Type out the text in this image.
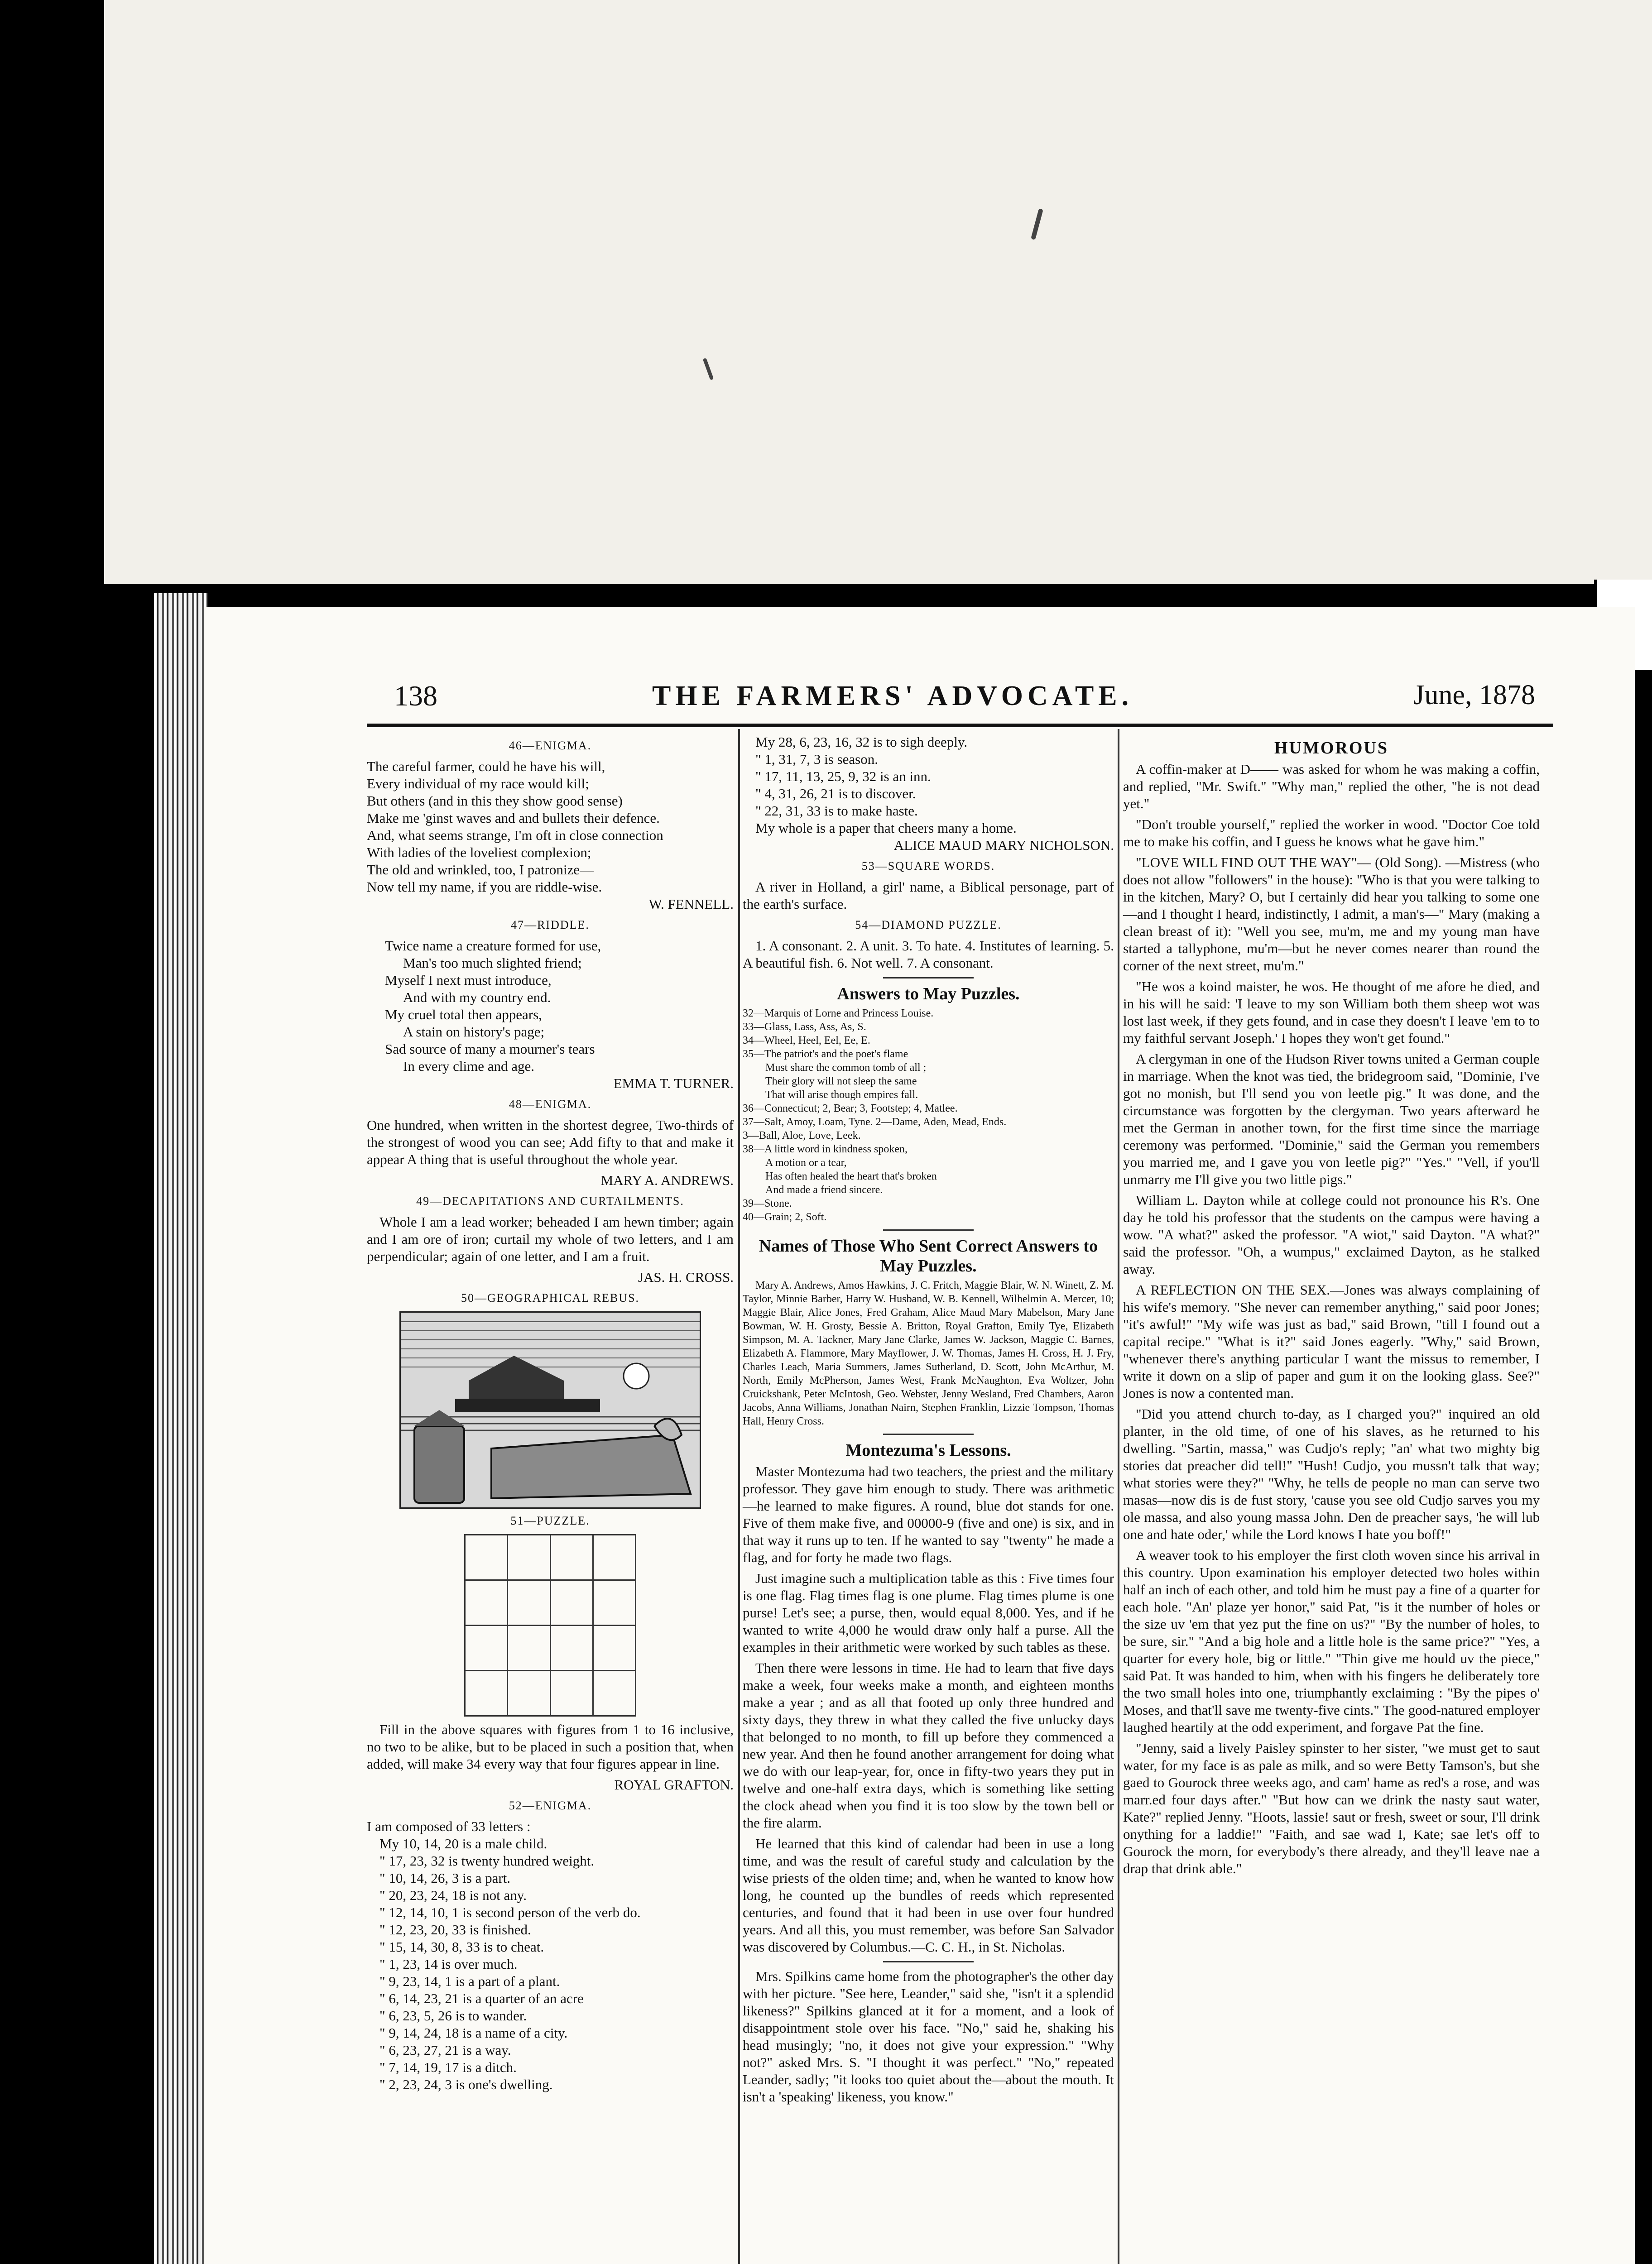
138	THE FARMERS' ADVOCATE.	June, 1878
46—ENIGMA.
The careful farmer, could he have his will,
Every individual of my race would kill;
But others (and in this they show good sense)
Make me 'ginst waves and and bullets their defence.
And, what seems strange, I'm oft in close connection
With ladies of the loveliest complexion;
The old and wrinkled, too, I patronize—
Now tell my name, if you are riddle-wise.
W. FENNELL.
47—RIDDLE.
Twice name a creature formed for use,
Man's too much slighted friend;
Myself I next must introduce,
And with my country end.
My cruel total then appears,
A stain on history's page;
Sad source of many a mourner's tears
In every clime and age.
EMMA T. TURNER.
48—ENIGMA.

One hundred, when written in the shortest degree, Two-thirds of the strongest of wood you can see; Add fifty to that and make it appear A thing that is useful throughout the whole year.

MARY A. ANDREWS.
49—DECAPITATIONS AND CURTAILMENTS.

Whole I am a lead worker; beheaded I am hewn timber; again and I am ore of iron; curtail my whole of two letters, and I am perpendicular; again of one letter, and I am a fruit.

JAS. H. CROSS.
50—GEOGRAPHICAL REBUS.
51—PUZZLE.

Fill in the above squares with figures from 1 to 16 inclusive, no two to be alike, but to be placed in such a position that, when added, will make 34 every way that four figures appear in line.

ROYAL GRAFTON.
52—ENIGMA.
I am composed of 33 letters :
My 10, 14, 20 is a male child.
" 17, 23, 32 is twenty hundred weight.
" 10, 14, 26, 3 is a part.
" 20, 23, 24, 18 is not any.
" 12, 14, 10, 1 is second person of the verb do.
" 12, 23, 20, 33 is finished.
" 15, 14, 30, 8, 33 is to cheat.
" 1, 23, 14 is over much.
" 9, 23, 14, 1 is a part of a plant.
" 6, 14, 23, 21 is a quarter of an acre
" 6, 23, 5, 26 is to wander.
" 9, 14, 24, 18 is a name of a city.
" 6, 23, 27, 21 is a way.
" 7, 14, 19, 17 is a ditch.
" 2, 23, 24, 3 is one's dwelling.
My 28, 6, 23, 16, 32 is to sigh deeply.
" 1, 31, 7, 3 is season.
" 17, 11, 13, 25, 9, 32 is an inn.
" 4, 31, 26, 21 is to discover.
" 22, 31, 33 is to make haste.
My whole is a paper that cheers many a home.
ALICE MAUD MARY NICHOLSON.
53—SQUARE WORDS.

A river in Holland, a girl' name, a Biblical personage, part of the earth's surface.

54—DIAMOND PUZZLE.

1. A consonant. 2. A unit. 3. To hate. 4. Institutes of learning. 5. A beautiful fish. 6. Not well. 7. A consonant.

Answers to May Puzzles.
32—Marquis of Lorne and Princess Louise.
33—Glass, Lass, Ass, As, S.
34—Wheel, Heel, Eel, Ee, E.
35—The patriot's and the poet's flame
Must share the common tomb of all ;
Their glory will not sleep the same
That will arise though empires fall.
36—Connecticut; 2, Bear; 3, Footstep; 4, Matlee.
37—Salt, Amoy, Loam, Tyne. 2—Dame, Aden, Mead, Ends.
3—Ball, Aloe, Love, Leek.
38—A little word in kindness spoken,
A motion or a tear,
Has often healed the heart that's broken
And made a friend sincere.
39—Stone.
40—Grain; 2, Soft.
Names of Those Who Sent Correct Answers to May Puzzles.

Mary A. Andrews, Amos Hawkins, J. C. Fritch, Maggie Blair, W. N. Winett, Z. M. Taylor, Minnie Barber, Harry W. Husband, W. B. Kennell, Wilhelmin A. Mercer, 10; Maggie Blair, Alice Jones, Fred Graham, Alice Maud Mary Mabelson, Mary Jane Bowman, W. H. Grosty, Bessie A. Britton, Royal Grafton, Emily Tye, Elizabeth Simpson, M. A. Tackner, Mary Jane Clarke, James W. Jackson, Maggie C. Barnes, Elizabeth A. Flammore, Mary Mayflower, J. W. Thomas, James H. Cross, H. J. Fry, Charles Leach, Maria Summers, James Sutherland, D. Scott, John McArthur, M. North, Emily McPherson, James West, Frank McNaughton, Eva Woltzer, John Cruickshank, Peter McIntosh, Geo. Webster, Jenny Wesland, Fred Chambers, Aaron Jacobs, Anna Williams, Jonathan Nairn, Stephen Franklin, Lizzie Tompson, Thomas Hall, Henry Cross.

Montezuma's Lessons.

Master Montezuma had two teachers, the priest and the military professor. They gave him enough to study. There was arithmetic—he learned to make figures. A round, blue dot stands for one. Five of them make five, and 00000-9 (five and one) is six, and in that way it runs up to ten. If he wanted to say "twenty" he made a flag, and for forty he made two flags.

Just imagine such a multiplication table as this : Five times four is one flag. Flag times flag is one plume. Flag times plume is one purse! Let's see; a purse, then, would equal 8,000. Yes, and if he wanted to write 4,000 he would draw only half a purse. All the examples in their arithmetic were worked by such tables as these.

Then there were lessons in time. He had to learn that five days make a week, four weeks make a month, and eighteen months make a year ; and as all that footed up only three hundred and sixty days, they threw in what they called the five unlucky days that belonged to no month, to fill up before they commenced a new year. And then he found another arrangement for doing what we do with our leap-year, for, once in fifty-two years they put in twelve and one-half extra days, which is something like setting the clock ahead when you find it is too slow by the town bell or the fire alarm.

He learned that this kind of calendar had been in use a long time, and was the result of careful study and calculation by the wise priests of the olden time; and, when he wanted to know how long, he counted up the bundles of reeds which represented centuries, and found that it had been in use over four hundred years. And all this, you must remember, was before San Salvador was discovered by Columbus.—C. C. H., in St. Nicholas.

Mrs. Spilkins came home from the photographer's the other day with her picture. "See here, Leander," said she, "isn't it a splendid likeness?" Spilkins glanced at it for a moment, and a look of disappointment stole over his face. "No," said he, shaking his head musingly; "no, it does not give your expression." "Why not?" asked Mrs. S. "I thought it was perfect." "No," repeated Leander, sadly; "it looks too quiet about the—about the mouth. It isn't a 'speaking' likeness, you know."

HUMOROUS

A coffin-maker at D—— was asked for whom he was making a coffin, and replied, "Mr. Swift." "Why man," replied the other, "he is not dead yet."

"Don't trouble yourself," replied the worker in wood. "Doctor Coe told me to make his coffin, and I guess he knows what he gave him."

"LOVE WILL FIND OUT THE WAY"— (Old Song). —Mistress (who does not allow "followers" in the house): "Who is that you were talking to in the kitchen, Mary? O, but I certainly did hear you talking to some one—and I thought I heard, indistinctly, I admit, a man's—" Mary (making a clean breast of it): "Well you see, mu'm, me and my young man have started a tallyphone, mu'm—but he never comes nearer than round the corner of the next street, mu'm."

"He wos a koind maister, he wos. He thought of me afore he died, and in his will he said: 'I leave to my son William both them sheep wot was lost last week, if they gets found, and in case they doesn't I leave 'em to to my faithful servant Joseph.' I hopes they won't get found."

A clergyman in one of the Hudson River towns united a German couple in marriage. When the knot was tied, the bridegroom said, "Dominie, I've got no monish, but I'll send you von leetle pig." It was done, and the circumstance was forgotten by the clergyman. Two years afterward he met the German in another town, for the first time since the marriage ceremony was performed. "Dominie," said the German you remembers you married me, and I gave you von leetle pig?" "Yes." "Vell, if you'll unmarry me I'll give you two little pigs."

William L. Dayton while at college could not pronounce his R's. One day he told his professor that the students on the campus were having a wow. "A what?" asked the professor. "A wiot," said Dayton. "A what?" said the professor. "Oh, a wumpus," exclaimed Dayton, as he stalked away.

A REFLECTION ON THE SEX.—Jones was always complaining of his wife's memory. "She never can remember anything," said poor Jones; "it's awful!" "My wife was just as bad," said Brown, "till I found out a capital recipe." "What is it?" said Jones eagerly. "Why," said Brown, "whenever there's anything particular I want the missus to remember, I write it down on a slip of paper and gum it on the looking glass. See?" Jones is now a contented man.

"Did you attend church to-day, as I charged you?" inquired an old planter, in the old time, of one of his slaves, as he returned to his dwelling. "Sartin, massa," was Cudjo's reply; "an' what two mighty big stories dat preacher did tell!" "Hush! Cudjo, you mussn't talk that way; what stories were they?" "Why, he tells de people no man can serve two masas—now dis is de fust story, 'cause you see old Cudjo sarves you my ole massa, and also young massa John. Den de preacher says, 'he will lub one and hate oder,' while the Lord knows I hate you boff!"

A weaver took to his employer the first cloth woven since his arrival in this country. Upon examination his employer detected two holes within half an inch of each other, and told him he must pay a fine of a quarter for each hole. "An' plaze yer honor," said Pat, "is it the number of holes or the size uv 'em that yez put the fine on us?" "By the number of holes, to be sure, sir." "And a big hole and a little hole is the same price?" "Yes, a quarter for every hole, big or little." "Thin give me hould uv the piece," said Pat. It was handed to him, when with his fingers he deliberately tore the two small holes into one, triumphantly exclaiming : "By the pipes o' Moses, and that'll save me twenty-five cints." The good-natured employer laughed heartily at the odd experiment, and forgave Pat the fine.

"Jenny, said a lively Paisley spinster to her sister, "we must get to saut water, for my face is as pale as milk, and so were Betty Tamson's, but she gaed to Gourock three weeks ago, and cam' hame as red's a rose, and was marr.ed four days after." "But how can we drink the nasty saut water, Kate?" replied Jenny. "Hoots, lassie! saut or fresh, sweet or sour, I'll drink onything for a laddie!" "Faith, and sae wad I, Kate; sae let's off to Gourock the morn, for everybody's there already, and they'll leave nae a drap that drink able."
